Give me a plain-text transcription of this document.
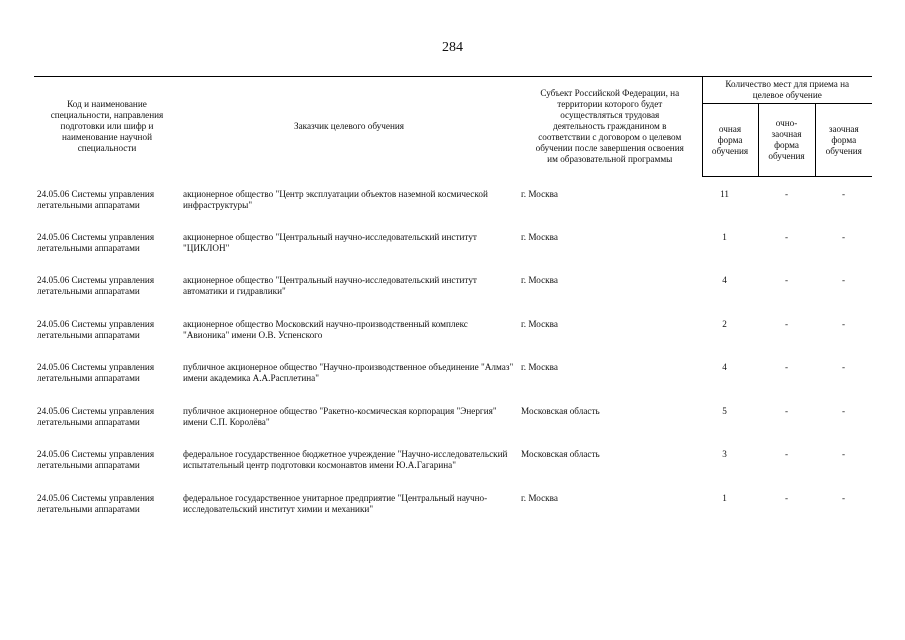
284
Код и наименование специальности, направления подготовки или шифр и наименование научной специальности	Заказчик целевого обучения	Субъект Российской Федерации, на территории которого будет осуществляться трудовая деятельность гражданином в соответствии с договором о целевом обучении после завершения освоения им образовательной программы	Количество мест для приема на целевое обучение		
			очная форма обучения	очно-заочная форма обучения	заочная форма обучения
24.05.06 Системы управления летательными аппаратами	акционерное общество "Центр эксплуатации объектов наземной космической инфраструктуры"	г. Москва	11	-	-
24.05.06 Системы управления летательными аппаратами	акционерное общество "Центральный научно-исследовательский институт "ЦИКЛОН"	г. Москва	1	-	-
24.05.06 Системы управления летательными аппаратами	акционерное общество "Центральный научно-исследовательский институт автоматики и гидравлики"	г. Москва	4	-	-
24.05.06 Системы управления летательными аппаратами	акционерное общество Московский научно-производственный комплекс "Авионика" имени О.В. Успенского	г. Москва	2	-	-
24.05.06 Системы управления летательными аппаратами	публичное акционерное общество "Научно-производственное объединение "Алмаз" имени академика А.А.Расплетина"	г. Москва	4	-	-
24.05.06 Системы управления летательными аппаратами	публичное акционерное общество "Ракетно-космическая корпорация "Энергия" имени С.П. Королёва"	Московская область	5	-	-
24.05.06 Системы управления летательными аппаратами	федеральное государственное бюджетное учреждение "Научно-исследовательский испытательный центр подготовки космонавтов имени Ю.А.Гагарина"	Московская область	3	-	-
24.05.06 Системы управления летательными аппаратами	федеральное государственное унитарное предприятие "Центральный научно-исследовательский институт химии и механики"	г. Москва	1	-	-
